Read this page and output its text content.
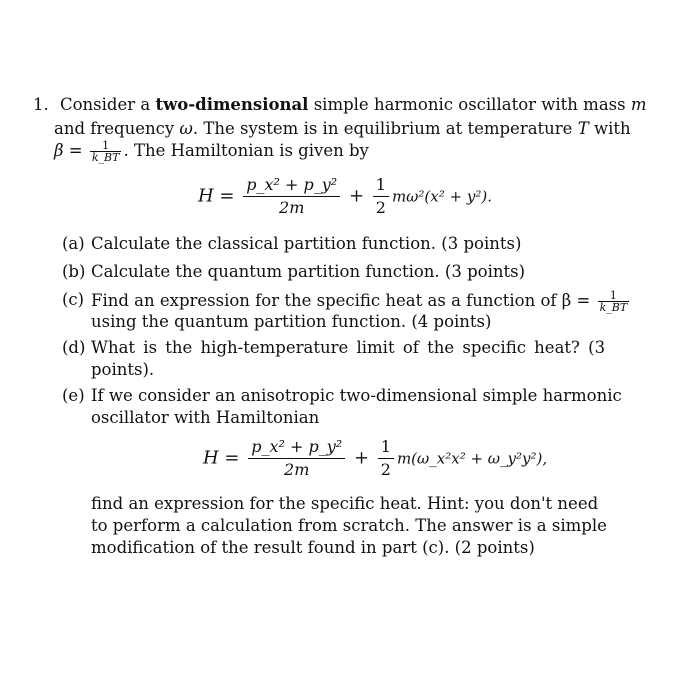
1. Consider a two-dimensional simple harmonic oscillator with mass m
and frequency ω. The system is in equilibrium at temperature T with
$\beta = \frac{1}{k\_BT}$ . The Hamiltonian is given by
$H = \frac{\text{p\_x² + p\_y²}}{2m} + \frac{1}{2} m\omega^2(x^2 + y^2)$.
(a) Calculate the classical partition function. (3 points)
(b) Calculate the quantum partition function. (3 points)
(c) Find an expression for the specific heat as a function of $\beta = \frac{1}{k\_BT}$
using the quantum partition function. (4 points)
(d) What is the high-temperature limit of the specific heat? (3
points).
(e) If we consider an anisotropic two-dimensional simple harmonic
oscillator with Hamiltonian
$H = \frac{\text{p\_x² + p\_y²}}{2m} + \frac{1}{2}$ m(ω_x²x² + ω_y²y²),
find an expression for the specific heat. Hint: you don't need
to perform a calculation from scratch. The answer is a simple
modification of the result found in part (c). (2 points)
